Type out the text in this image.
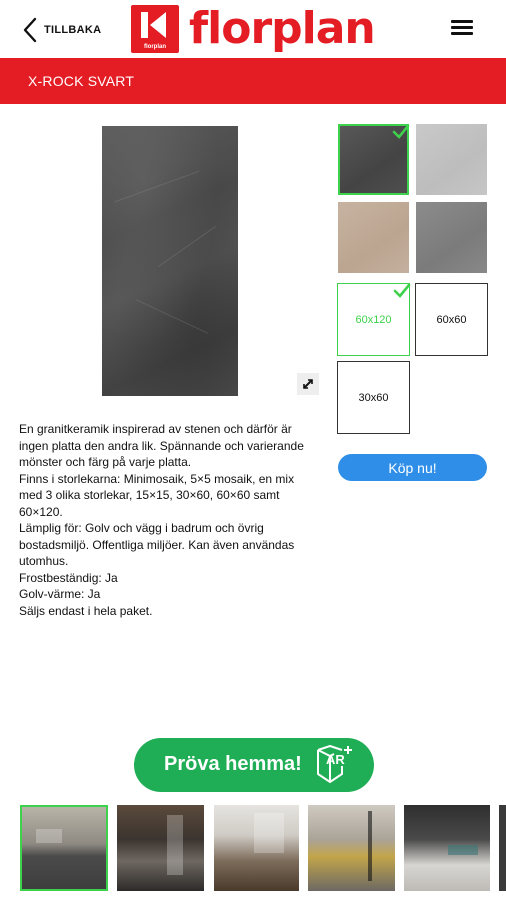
TILLBAKA
florplan florplan
X-ROCK SVART
60x120	60x60
30x60
Köp nu!

En granitkeramik inspirerad av stenen och därför är ingen platta den andra lik. Spännande och varierande mönster och färg på varje platta.

Finns i storlekarna: Minimosaik, 5×5 mosaik, en mix med 3 olika storlekar, 15×15, 30×60, 60×60 samt 60×120.

Lämplig för: Golv och vägg i badrum och övrig bostadsmiljö. Offentliga miljöer. Kan även användas utomhus.

Frostbeständig: Ja

Golv-värme: Ja

Säljs endast i hela paket.

Pröva hemma! AR
